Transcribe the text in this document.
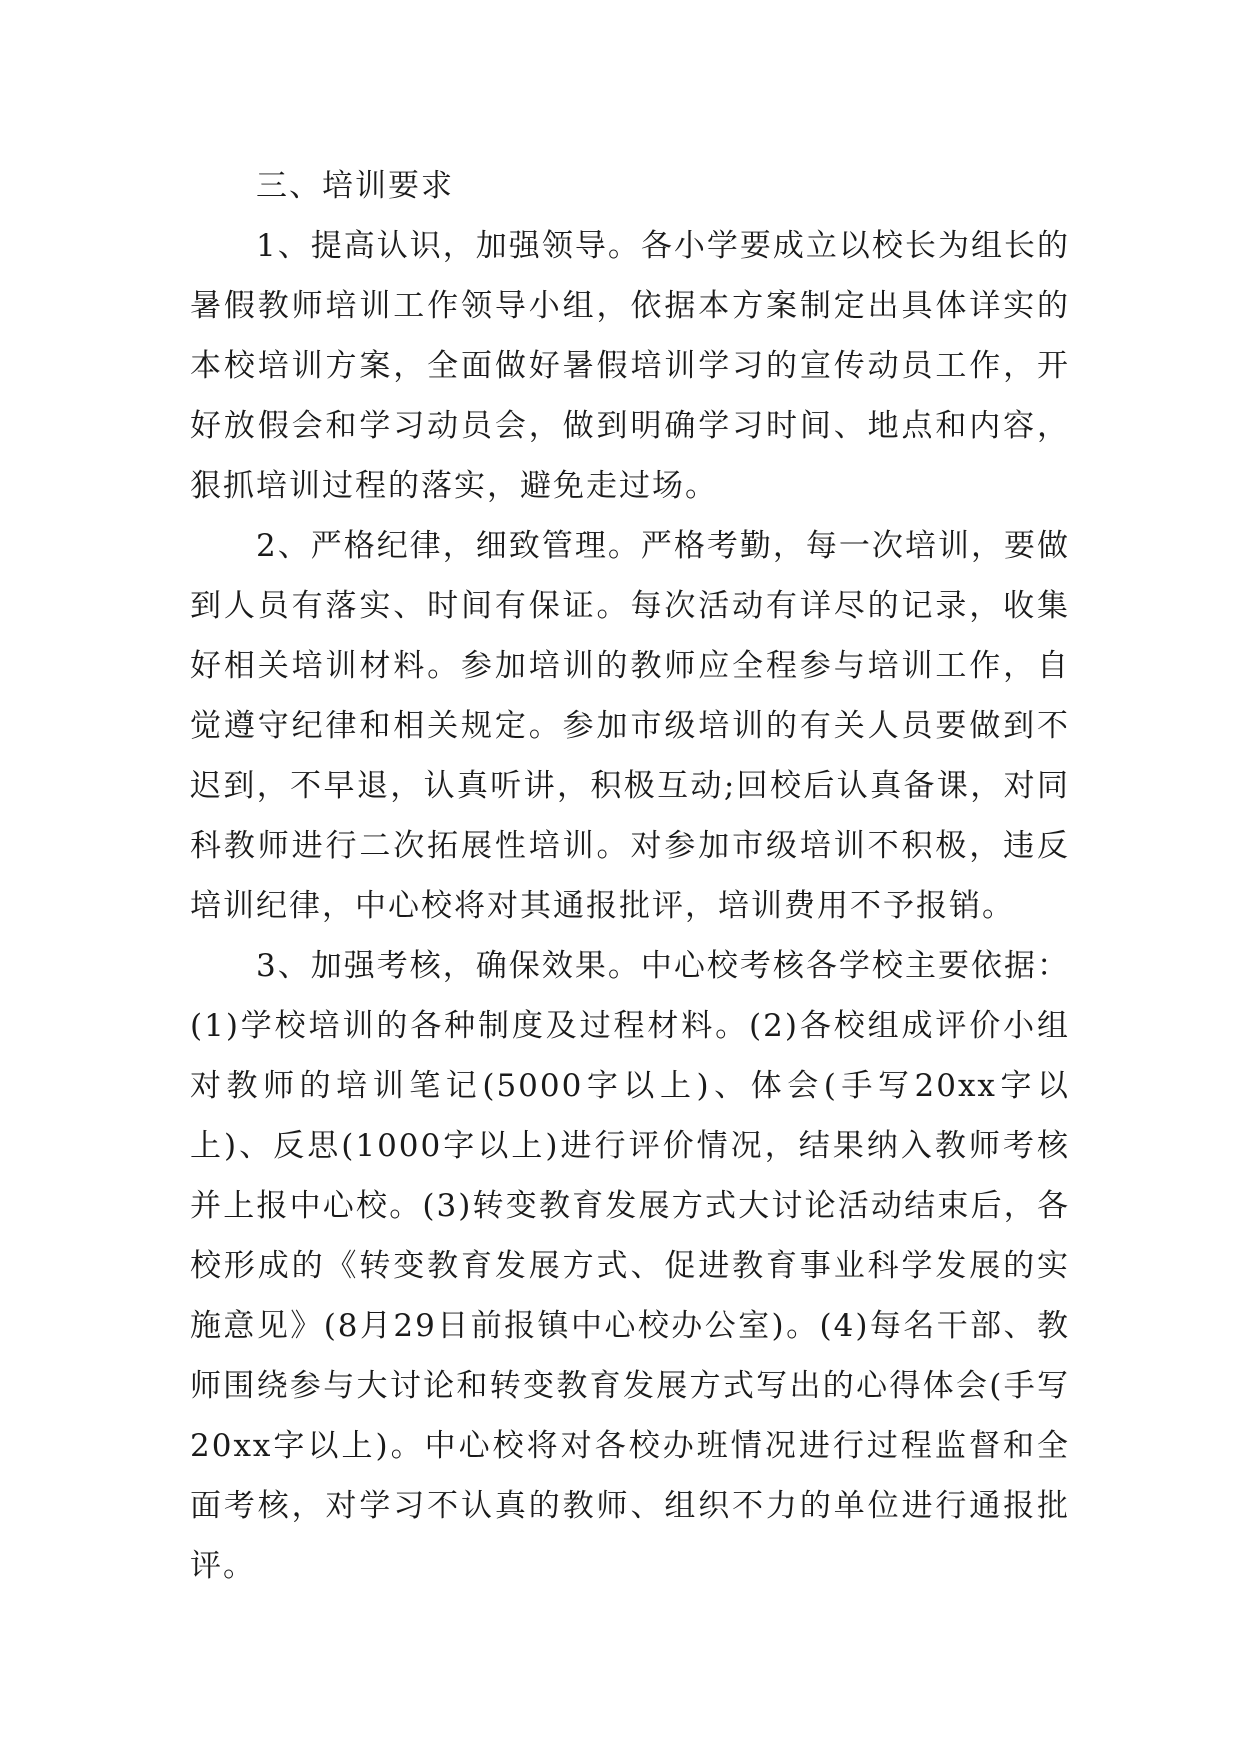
三、培训要求

1、提高认识，加强领导。各小学要成立以校长为组长的暑假教师培训工作领导小组，依据本方案制定出具体详实的本校培训方案，全面做好暑假培训学习的宣传动员工作，开好放假会和学习动员会，做到明确学习时间、地点和内容，狠抓培训过程的落实，避免走过场。

2、严格纪律，细致管理。严格考勤，每一次培训，要做到人员有落实、时间有保证。每次活动有详尽的记录，收集好相关培训材料。参加培训的教师应全程参与培训工作，自觉遵守纪律和相关规定。参加市级培训的有关人员要做到不迟到，不早退，认真听讲，积极互动;回校后认真备课，对同科教师进行二次拓展性培训。对参加市级培训不积极，违反培训纪律，中心校将对其通报批评，培训费用不予报销。

3、加强考核，确保效果。中心校考核各学校主要依据：(1)学校培训的各种制度及过程材料。(2)各校组成评价小组对教师的培训笔记(5000字以上)、体会(手写20xx字以上)、反思(1000字以上)进行评价情况，结果纳入教师考核并上报中心校。(3)转变教育发展方式大讨论活动结束后，各校形成的《转变教育发展方式、促进教育事业科学发展的实施意见》(8月29日前报镇中心校办公室)。(4)每名干部、教师围绕参与大讨论和转变教育发展方式写出的心得体会(手写20xx字以上)。中心校将对各校办班情况进行过程监督和全面考核，对学习不认真的教师、组织不力的单位进行通报批评。
